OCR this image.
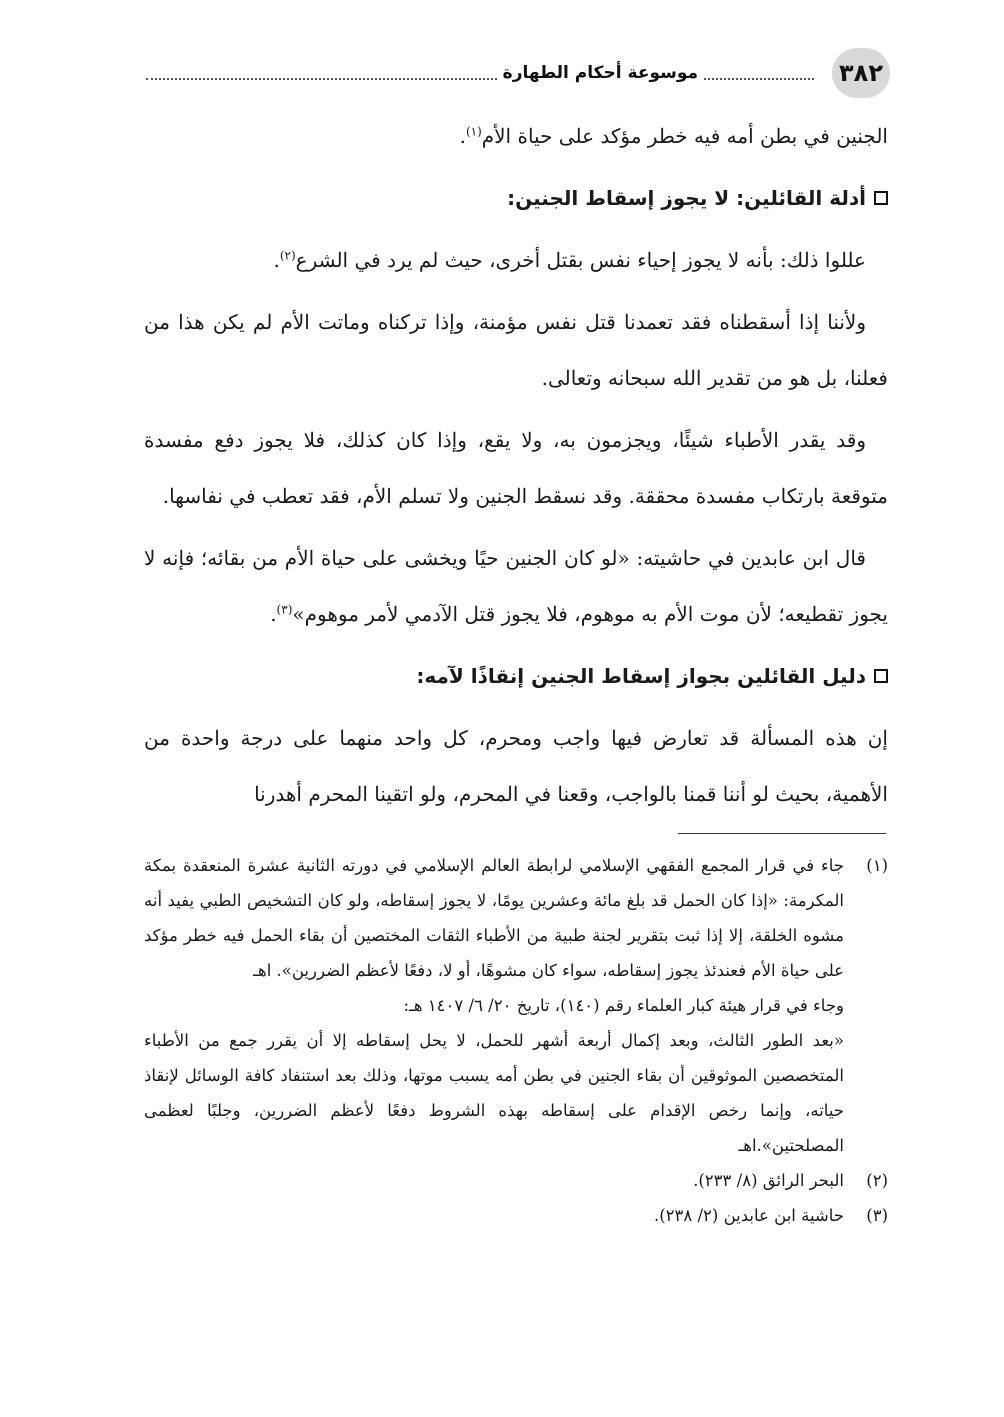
٣٨٢
موسوعة أحكام الطهارة

الجنين في بطن أمه فيه خطر مؤكد على حياة الأم$^{(١)}$.

أدلة القائلين: لا يجوز إسقاط الجنين:

عللوا ذلك: بأنه لا يجوز إحياء نفس بقتل أخرى، حيث لم يرد في الشرع$^{(٢)}$.

ولأننا إذا أسقطناه فقد تعمدنا قتل نفس مؤمنة، وإذا تركناه وماتت الأم لم يكن هذا من فعلنا، بل هو من تقدير الله سبحانه وتعالى.

وقد يقدر الأطباء شيئًا، ويجزمون به، ولا يقع، وإذا كان كذلك، فلا يجوز دفع مفسدة متوقعة بارتكاب مفسدة محققة. وقد نسقط الجنين ولا تسلم الأم، فقد تعطب في نفاسها.

قال ابن عابدين في حاشيته: «لو كان الجنين حيًا ويخشى على حياة الأم من بقائه؛ فإنه لا يجوز تقطيعه؛ لأن موت الأم به موهوم، فلا يجوز قتل الآدمي لأمر موهوم»$^{(٣)}$.

دليل القائلين بجواز إسقاط الجنين إنقاذًا لآمه:

إن هذه المسألة قد تعارض فيها واجب ومحرم، كل واحد منهما على درجة واحدة من الأهمية، بحيث لو أننا قمنا بالواجب، وقعنا في المحرم، ولو اتقينا المحرم أهدرنا

(١)

جاء في قرار المجمع الفقهي الإسلامي لرابطة العالم الإسلامي في دورته الثانية عشرة المنعقدة بمكة المكرمة: «إذا كان الحمل قد بلغ مائة وعشرين يومًا، لا يجوز إسقاطه، ولو كان التشخيص الطبي يفيد أنه مشوه الخلقة، إلا إذا ثبت بتقرير لجنة طبية من الأطباء الثقات المختصين أن بقاء الحمل فيه خطر مؤكد على حياة الأم فعندئذ يجوز إسقاطه، سواء كان مشوهًا، أو لا، دفعًا لأعظم الضررين». اهـ

وجاء في قرار هيئة كبار العلماء رقم (١٤٠)، تاريخ ٢٠/ ٦/ ١٤٠٧ هـ:

«بعد الطور الثالث، وبعد إكمال أربعة أشهر للحمل، لا يحل إسقاطه إلا أن يقرر جمع من الأطباء المتخصصين الموثوقين أن بقاء الجنين في بطن أمه يسبب موتها، وذلك بعد استنفاد كافة الوسائل لإنقاذ حياته، وإنما رخص الإقدام على إسقاطه بهذه الشروط دفعًا لأعظم الضررين، وجلبًا لعظمى المصلحتين».اهـ

(٢)

البحر الرائق (٨/ ٢٣٣).

(٣)

حاشية ابن عابدين (٢/ ٢٣٨).
